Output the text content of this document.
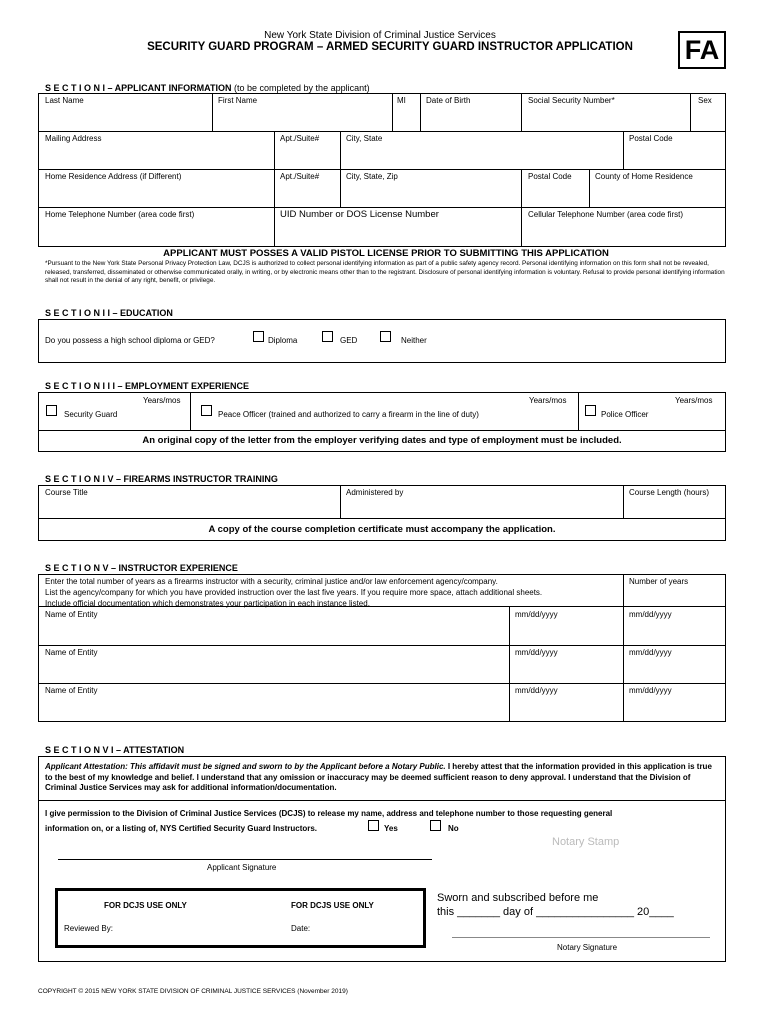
New York State Division of Criminal Justice Services
SECURITY GUARD PROGRAM – ARMED SECURITY GUARD INSTRUCTOR APPLICATION	FA
S E C T I O N I – APPLICANT INFORMATION (to be completed by the applicant)
Last Name	First Name	MI	Date of Birth	Social Security Number*	Sex
Mailing Address	Apt./Suite#	City, State	Postal Code
Home Residence Address (if Different)	Apt./Suite#	City, State, Zip	Postal Code	County of Home Residence
Home Telephone Number (area code first)	UID Number or DOS License Number	Cellular Telephone Number (area code first)
APPLICANT MUST POSSES A VALID PISTOL LICENSE PRIOR TO SUBMITTING THIS APPLICATION
*Pursuant to the New York State Personal Privacy Protection Law, DCJS is authorized to collect personal identifying information as part of a public safety agency record. Personal identifying information on this form shall not be revealed, released, transferred, disseminated or otherwise communicated orally, in writing, or by electronic means other than to the registrant. Disclosure of personal identifying information is voluntary. Refusal to provide personal identifying information shall not result in the denial of any right, benefit, or privilege.
S E C T I O N I I – EDUCATION
Do you possess a high school diploma or GED?	Diploma	GED	Neither
S E C T I O N I I I – EMPLOYMENT EXPERIENCE
Years/mos	Years/mos	Years/mos
Security Guard	Peace Officer (trained and authorized to carry a firearm in the line of duty)	Police Officer
An original copy of the letter from the employer verifying dates and type of employment must be included.
S E C T I O N I V – FIREARMS INSTRUCTOR TRAINING
Course Title	Administered by	Course Length (hours)
A copy of the course completion certificate must accompany the application.
S E C T I O N V – INSTRUCTOR EXPERIENCE
Enter the total number of years as a firearms instructor with a security, criminal justice and/or law enforcement agency/company.
List the agency/company for which you have provided instruction over the last five years. If you require more space, attach additional sheets.
Include official documentation which demonstrates your participation in each instance listed.
Number of years
Name of Entity	mm/dd/yyyy	mm/dd/yyyy
Name of Entity	mm/dd/yyyy	mm/dd/yyyy
Name of Entity	mm/dd/yyyy	mm/dd/yyyy
S E C T I O N V I – ATTESTATION
Applicant Attestation: This affidavit must be signed and sworn to by the Applicant before a Notary Public. I hereby attest that the information provided in this application is true to the best of my knowledge and belief. I understand that any omission or inaccuracy may be deemed sufficient reason to deny approval. I understand that the Division of Criminal Justice Services may ask for additional information/documentation.
I give permission to the Division of Criminal Justice Services (DCJS) to release my name, address and telephone number to those requesting general
information on, or a listing of, NYS Certified Security Guard Instructors.	Yes	No
Notary Stamp
Applicant Signature
FOR DCJS USE ONLY	FOR DCJS USE ONLY
Reviewed By:	Date:
Sworn and subscribed before me
this _______ day of ________________ 20____
Notary Signature
COPYRIGHT © 2015 NEW YORK STATE DIVISION OF CRIMINAL JUSTICE SERVICES (November 2019)
